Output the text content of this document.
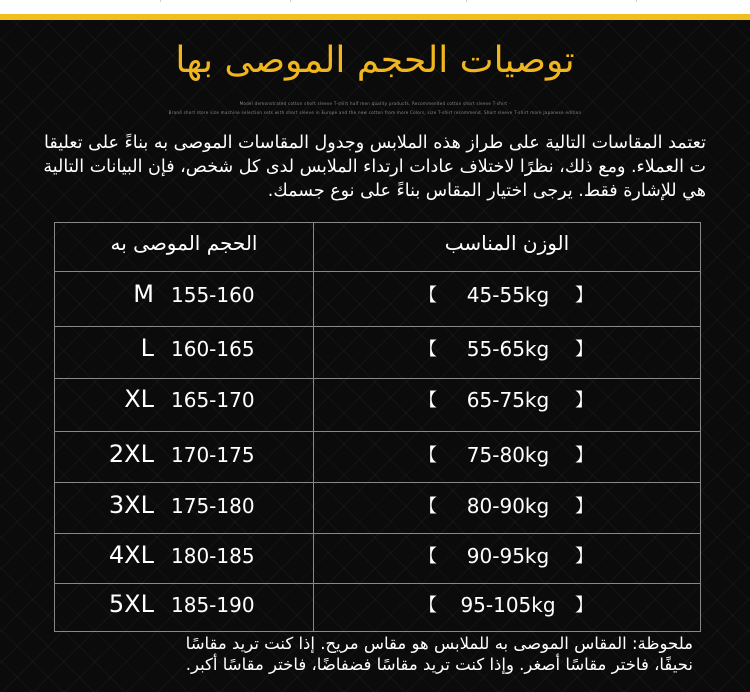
توصيات الحجم الموصى بها
Model demonstrated cotton short sleeve T-shirt half men quality products. Recommended cotton short sleeve T-shirt ·
Brand short store size machine selection sets with short sleeve in Europe and the new cotton from more Colors, size T-shirt recommend. Short sleeve T-shirt more Japanese edition
تعتمد المقاسات التالية على طراز هذه الملابس وجدول المقاسات الموصى به بناءً على تعليقا
ت العملاء. ومع ذلك، نظرًا لاختلاف عادات ارتداء الملابس لدى كل شخص، فإن البيانات التالية
هي للإشارة فقط. يرجى اختيار المقاس بناءً على نوع جسمك.
الحجم الموصى به	الوزن المناسب
M 155-160	【	45-55kg	】
L 160-165	【	55-65kg	】
XL 165-170	【	65-75kg	】
2XL 170-175	【	75-80kg	】
3XL 175-180	【	80-90kg	】
4XL 180-185	【	90-95kg	】
5XL 185-190	【	95-105kg	】
ملحوظة: المقاس الموصى به للملابس هو مقاس مريح. إذا كنت تريد مقاسًا
نحيفًا، فاختر مقاسًا أصغر. وإذا كنت تريد مقاسًا فضفاضًا، فاختر مقاسًا أكبر.
